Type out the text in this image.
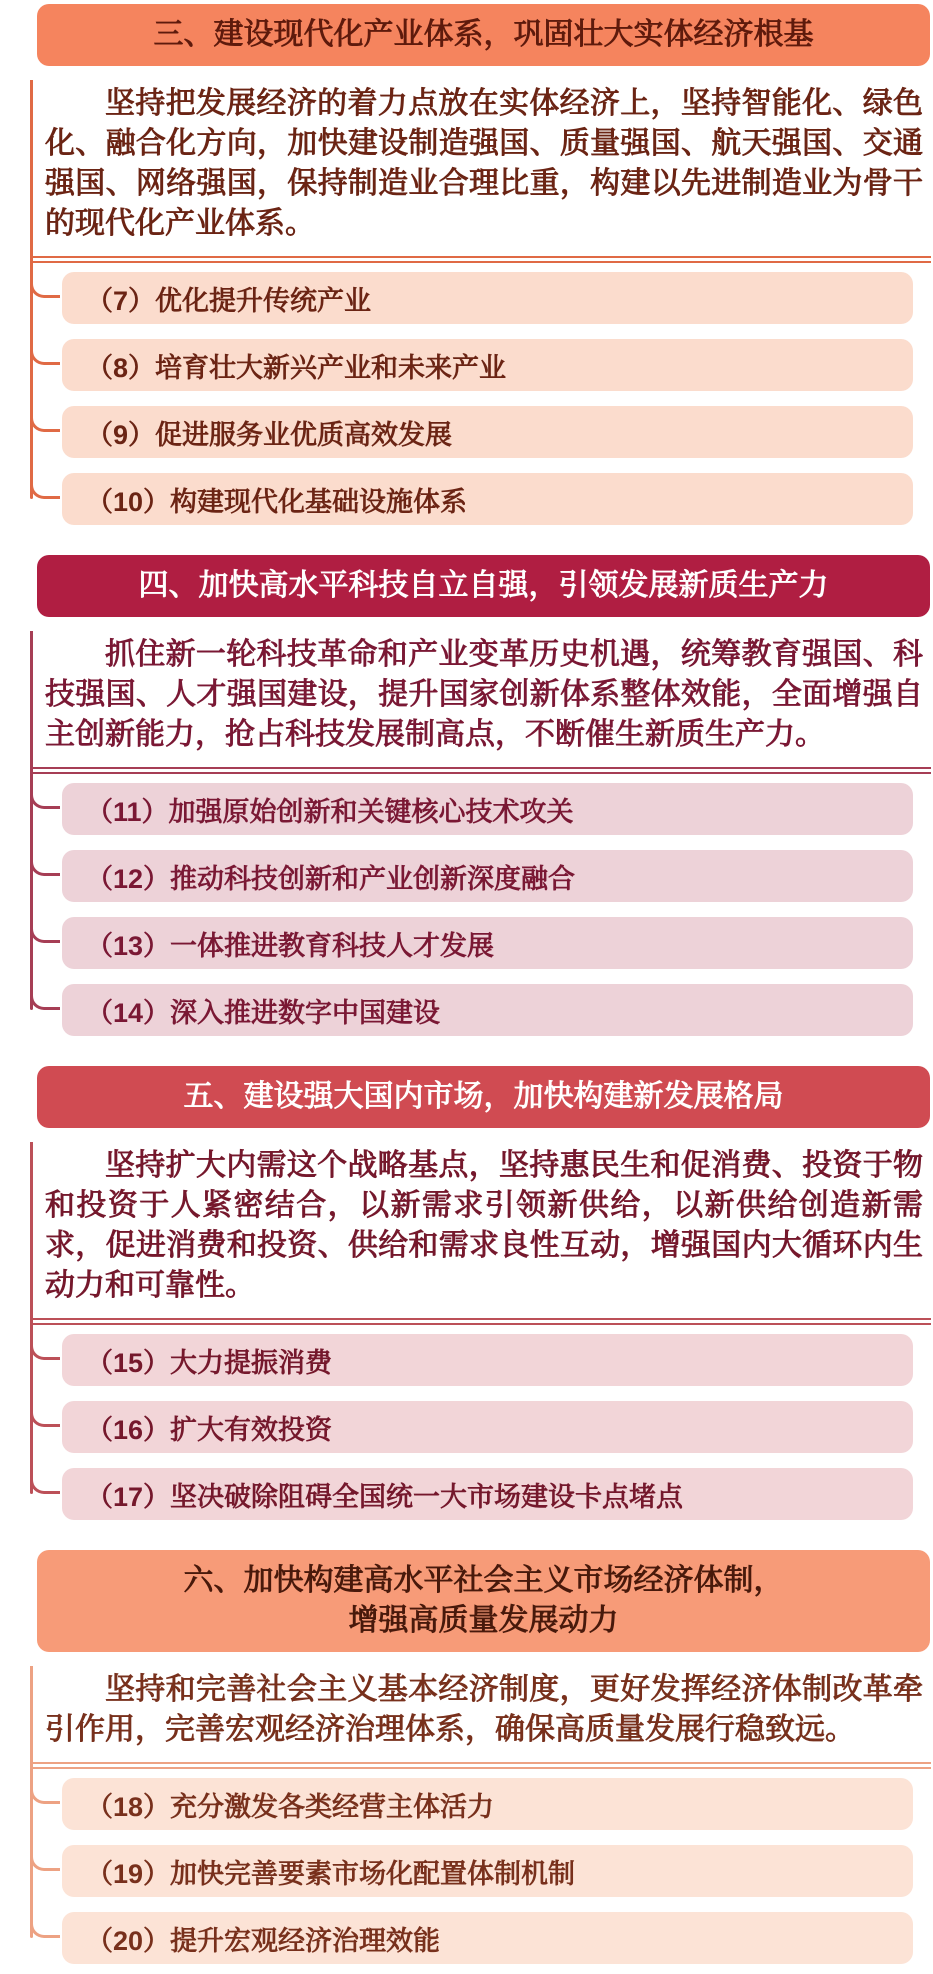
三、建设现代化产业体系，巩固壮大实体经济根基

坚持把发展经济的着力点放在实体经济上，坚持智能化、绿色化、融合化方向，加快建设制造强国、质量强国、航天强国、交通强国、网络强国，保持制造业合理比重，构建以先进制造业为骨干的现代化产业体系。

（7）优化提升传统产业
（8）培育壮大新兴产业和未来产业
（9）促进服务业优质高效发展
（10）构建现代化基础设施体系
四、加快高水平科技自立自强，引领发展新质生产力

抓住新一轮科技革命和产业变革历史机遇，统筹教育强国、科技强国、人才强国建设，提升国家创新体系整体效能，全面增强自主创新能力，抢占科技发展制高点，不断催生新质生产力。

（11）加强原始创新和关键核心技术攻关
（12）推动科技创新和产业创新深度融合
（13）一体推进教育科技人才发展
（14）深入推进数字中国建设
五、建设强大国内市场，加快构建新发展格局

坚持扩大内需这个战略基点，坚持惠民生和促消费、投资于物和投资于人紧密结合，以新需求引领新供给，以新供给创造新需求，促进消费和投资、供给和需求良性互动，增强国内大循环内生动力和可靠性。

（15）大力提振消费
（16）扩大有效投资
（17）坚决破除阻碍全国统一大市场建设卡点堵点
六、加快构建高水平社会主义市场经济体制，
增强高质量发展动力

坚持和完善社会主义基本经济制度，更好发挥经济体制改革牵引作用，完善宏观经济治理体系，确保高质量发展行稳致远。

（18）充分激发各类经营主体活力
（19）加快完善要素市场化配置体制机制
（20）提升宏观经济治理效能
